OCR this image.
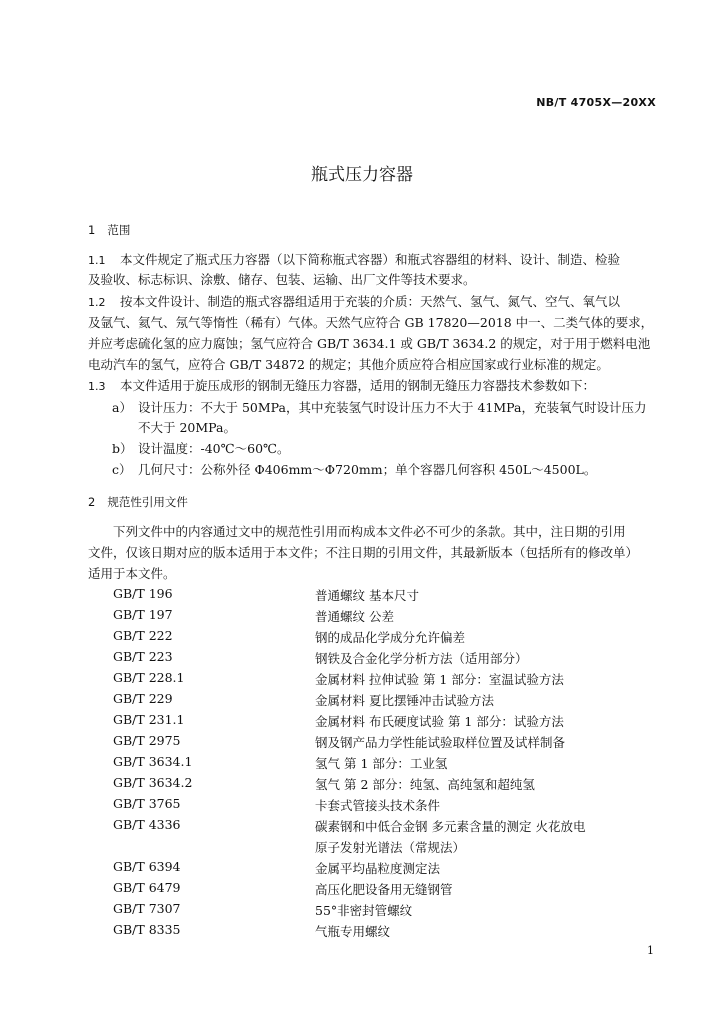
NB/T 4705X—20XX
瓶式压力容器
1 范围
1.1 本文件规定了瓶式压力容器（以下简称瓶式容器）和瓶式容器组的材料、设计、制造、检验
及验收、标志标识、涂敷、储存、包装、运输、出厂文件等技术要求。
1.2 按本文件设计、制造的瓶式容器组适用于充装的介质：天然气、氢气、氮气、空气、氧气以
及氩气、氦气、氖气等惰性（稀有）气体。天然气应符合 GB 17820—2018 中一、二类气体的要求，
并应考虑硫化氢的应力腐蚀；氢气应符合 GB/T 3634.1 或 GB/T 3634.2 的规定，对于用于燃料电池
电动汽车的氢气，应符合 GB/T 34872 的规定；其他介质应符合相应国家或行业标准的规定。
1.3 本文件适用于旋压成形的钢制无缝压力容器，适用的钢制无缝压力容器技术参数如下：
a） 设计压力：不大于 50MPa，其中充装氢气时设计压力不大于 41MPa，充装氧气时设计压力
不大于 20MPa。
b） 设计温度：-40℃～60℃。
c） 几何尺寸：公称外径 Φ406mm～Φ720mm；单个容器几何容积 450L～4500L。
2 规范性引用文件
下列文件中的内容通过文中的规范性引用而构成本文件必不可少的条款。其中，注日期的引用
文件，仅该日期对应的版本适用于本文件；不注日期的引用文件，其最新版本（包括所有的修改单）
适用于本文件。
GB/T 196	普通螺纹 基本尺寸
GB/T 197	普通螺纹 公差
GB/T 222	钢的成品化学成分允许偏差
GB/T 223	钢铁及合金化学分析方法（适用部分）
GB/T 228.1	金属材料 拉伸试验 第 1 部分：室温试验方法
GB/T 229	金属材料 夏比摆锤冲击试验方法
GB/T 231.1	金属材料 布氏硬度试验 第 1 部分：试验方法
GB/T 2975	钢及钢产品力学性能试验取样位置及试样制备
GB/T 3634.1	氢气 第 1 部分：工业氢
GB/T 3634.2	氢气 第 2 部分：纯氢、高纯氢和超纯氢
GB/T 3765	卡套式管接头技术条件
GB/T 4336	碳素钢和中低合金钢 多元素含量的测定 火花放电
原子发射光谱法（常规法）
GB/T 6394	金属平均晶粒度测定法
GB/T 6479	高压化肥设备用无缝钢管
GB/T 7307	55°非密封管螺纹
GB/T 8335	气瓶专用螺纹
1
